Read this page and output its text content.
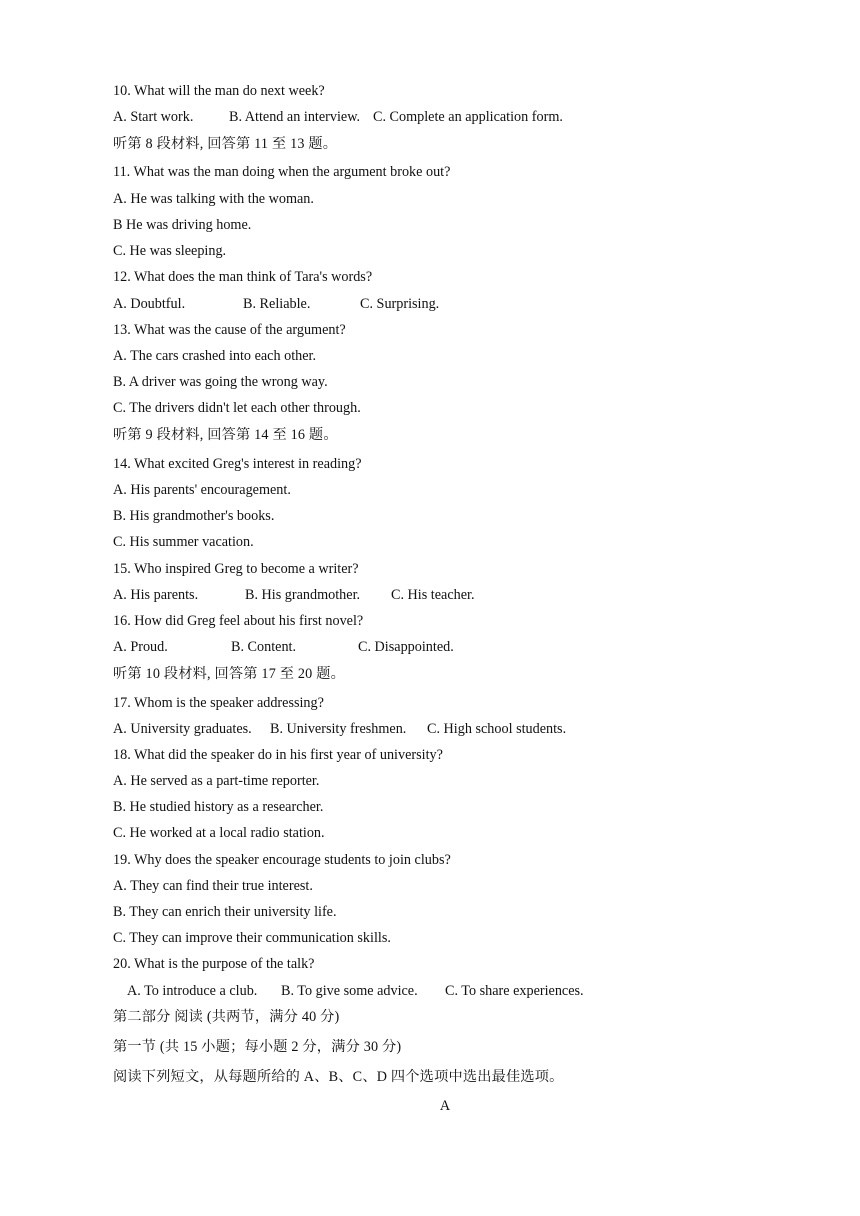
10. What will the man do next week?

A. Start work.	B. Attend an interview. C. Complete an application form.

听第 8 段材料, 回答第 11 至 13 题。

11. What was the man doing when the argument broke out?

A. He was talking with the woman.

B He was driving home.

C. He was sleeping.

12. What does the man think of Tara's words?

A. Doubtful.	B. Reliable.	C. Surprising.

13. What was the cause of the argument?

A. The cars crashed into each other.

B. A driver was going the wrong way.

C. The drivers didn't let each other through.

听第 9 段材料, 回答第 14 至 16 题。

14. What excited Greg's interest in reading?

A. His parents' encouragement.

B. His grandmother's books.

C. His summer vacation.

15. Who inspired Greg to become a writer?

A. His parents.	B. His grandmother. C. His teacher.

16. How did Greg feel about his first novel?

A. Proud.	B. Content.	C. Disappointed.

听第 10 段材料, 回答第 17 至 20 题。

17. Whom is the speaker addressing?

A. University graduates. B. University freshmen. C. High school students.

18. What did the speaker do in his first year of university?

A. He served as a part-time reporter.

B. He studied history as a researcher.

C. He worked at a local radio station.

19. Why does the speaker encourage students to join clubs?

A. They can find their true interest.

B. They can enrich their university life.

C. They can improve their communication skills.

20. What is the purpose of the talk?

A. To introduce a club. B. To give some advice. C. To share experiences.

第二部分 阅读 (共两节，满分 40 分)

第一节 (共 15 小题；每小题 2 分，满分 30 分)

阅读下列短文，从每题所给的 A、B、C、D 四个选项中选出最佳选项。

A
